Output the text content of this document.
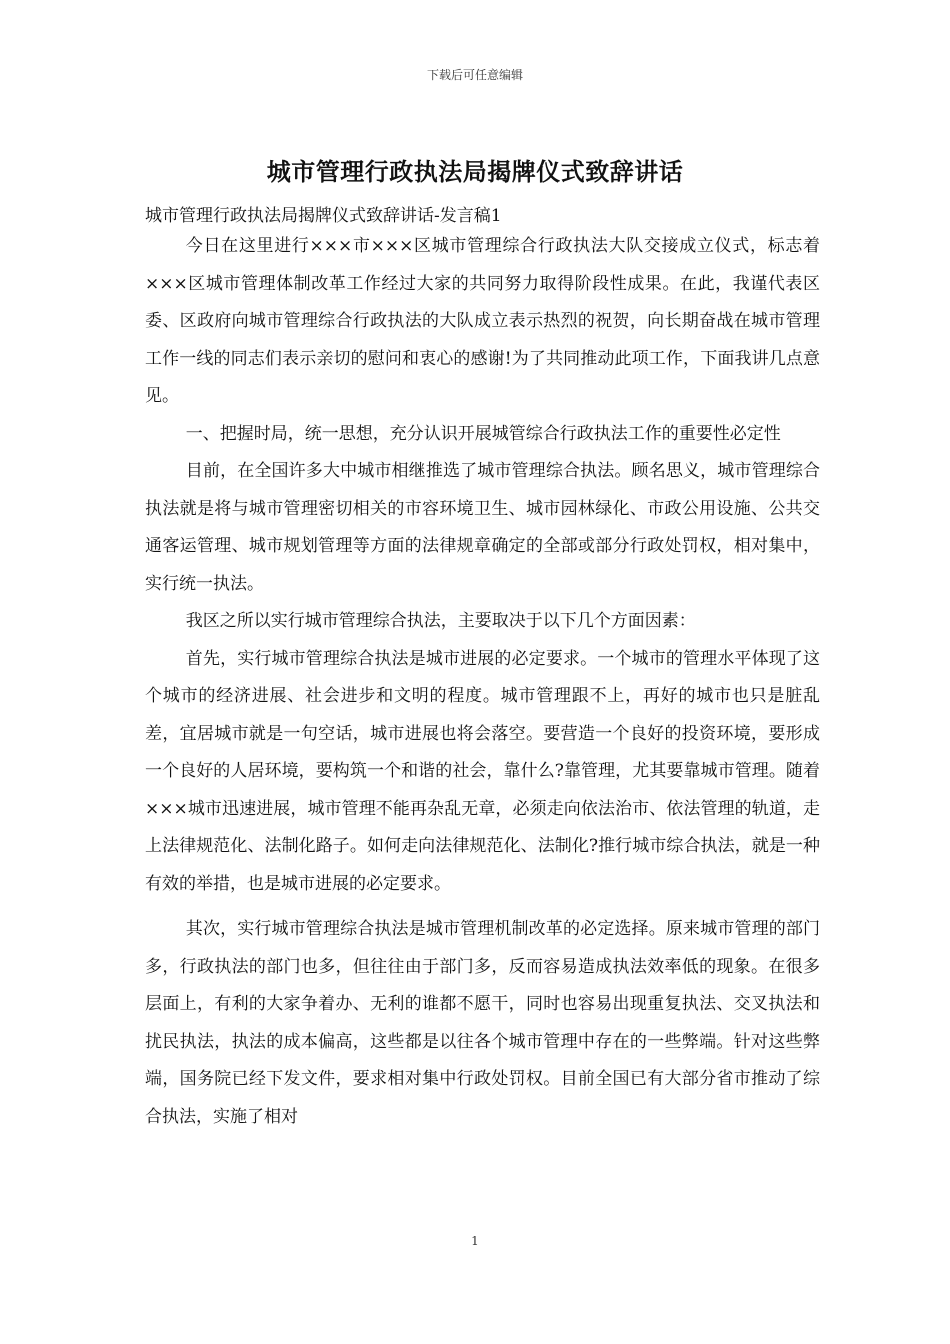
下载后可任意编辑
城市管理行政执法局揭牌仪式致辞讲话
城市管理行政执法局揭牌仪式致辞讲话-发言稿1

今日在这里进行×××市×××区城市管理综合行政执法大队交接成立仪式，标志着×××区城市管理体制改革工作经过大家的共同努力取得阶段性成果。在此，我谨代表区委、区政府向城市管理综合行政执法的大队成立表示热烈的祝贺，向长期奋战在城市管理工作一线的同志们表示亲切的慰问和衷心的感谢!为了共同推动此项工作，下面我讲几点意见。

一、把握时局，统一思想，充分认识开展城管综合行政执法工作的重要性必定性

目前，在全国许多大中城市相继推选了城市管理综合执法。顾名思义，城市管理综合执法就是将与城市管理密切相关的市容环境卫生、城市园林绿化、市政公用设施、公共交通客运管理、城市规划管理等方面的法律规章确定的全部或部分行政处罚权，相对集中，实行统一执法。

我区之所以实行城市管理综合执法，主要取决于以下几个方面因素：

首先，实行城市管理综合执法是城市进展的必定要求。一个城市的管理水平体现了这个城市的经济进展、社会进步和文明的程度。城市管理跟不上，再好的城市也只是脏乱差，宜居城市就是一句空话，城市进展也将会落空。要营造一个良好的投资环境，要形成一个良好的人居环境，要构筑一个和谐的社会，靠什么?靠管理，尤其要靠城市管理。随着×××城市迅速进展，城市管理不能再杂乱无章，必须走向依法治市、依法管理的轨道，走上法律规范化、法制化路子。如何走向法律规范化、法制化?推行城市综合执法，就是一种有效的举措，也是城市进展的必定要求。

其次，实行城市管理综合执法是城市管理机制改革的必定选择。原来城市管理的部门多，行政执法的部门也多，但往往由于部门多，反而容易造成执法效率低的现象。在很多层面上，有利的大家争着办、无利的谁都不愿干，同时也容易出现重复执法、交叉执法和扰民执法，执法的成本偏高，这些都是以往各个城市管理中存在的一些弊端。针对这些弊端，国务院已经下发文件，要求相对集中行政处罚权。目前全国已有大部分省市推动了综合执法，实施了相对

1
